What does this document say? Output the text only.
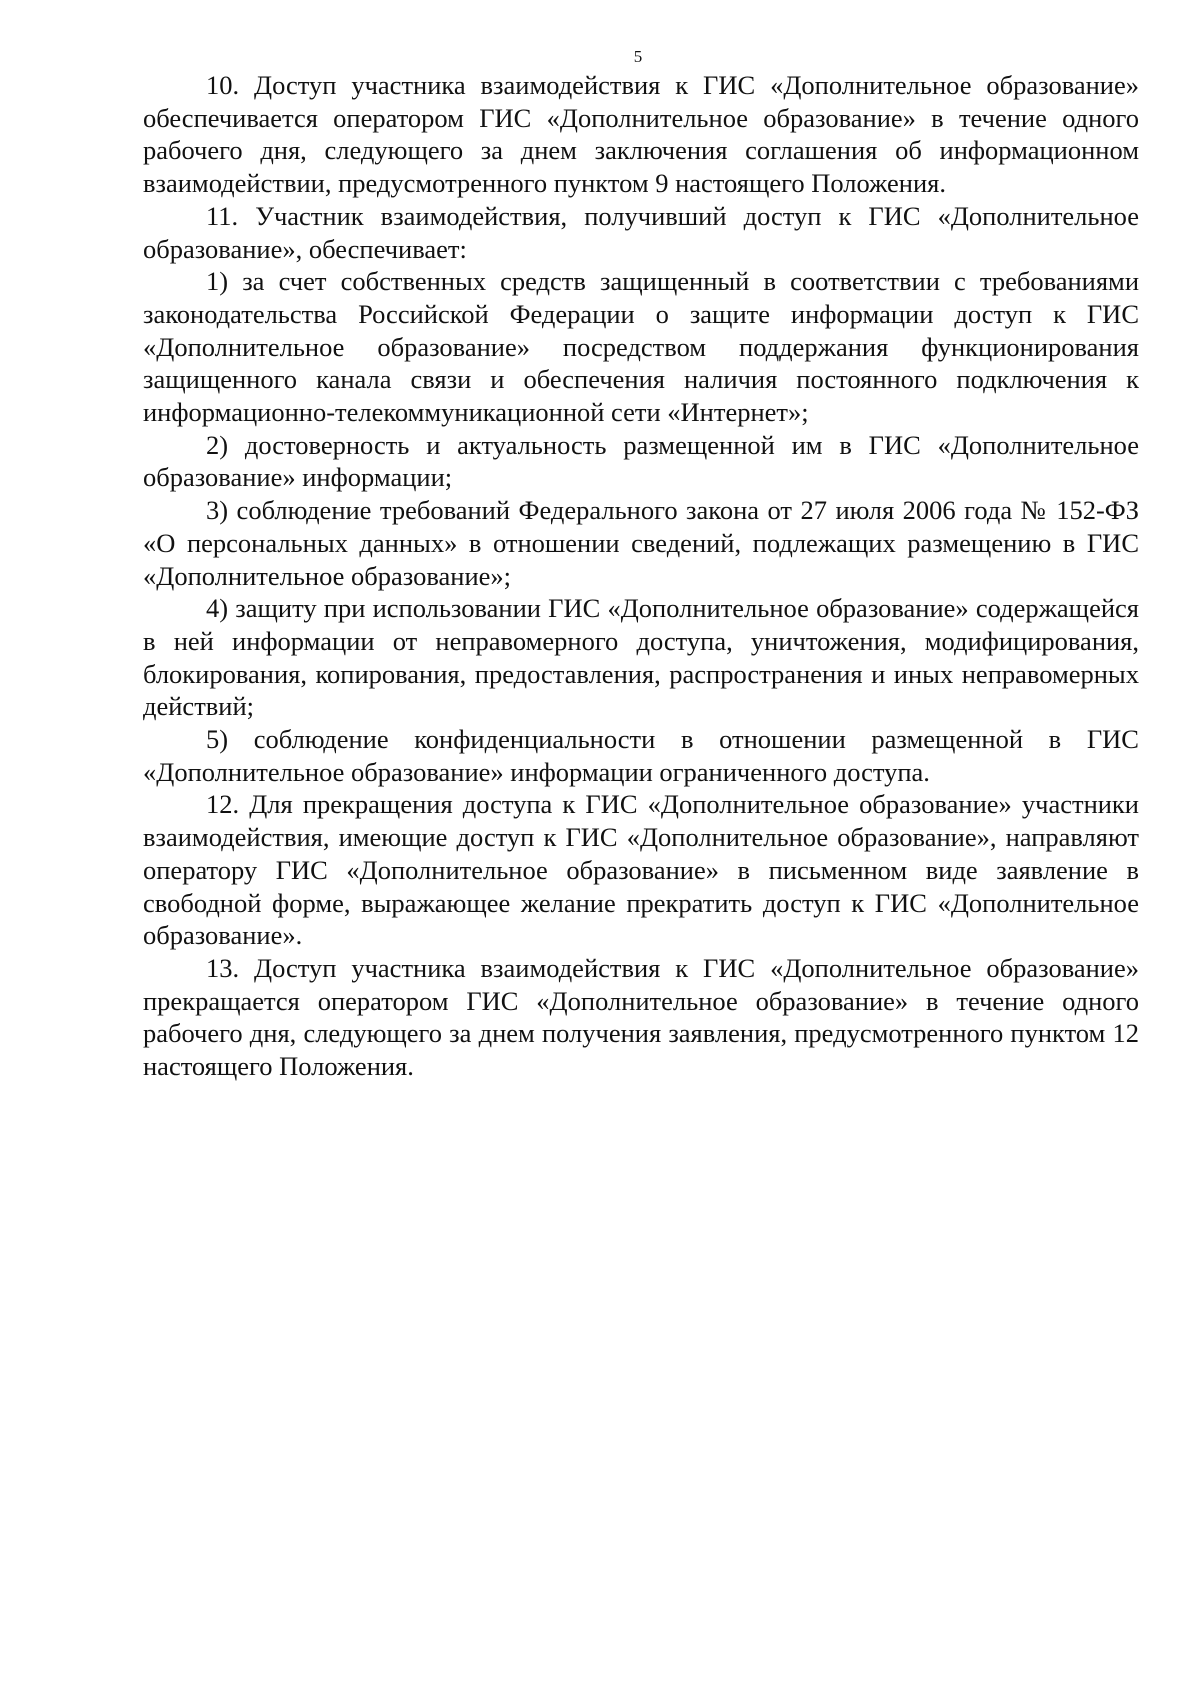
5

10. Доступ участника взаимодействия к ГИС «Дополнительное образование» обеспечивается оператором ГИС «Дополнительное образование» в течение одного рабочего дня, следующего за днем заключения соглашения об информационном взаимодействии, предусмотренного пунктом 9 настоящего Положения.

11. Участник взаимодействия, получивший доступ к ГИС «Дополнительное образование», обеспечивает:

1) за счет собственных средств защищенный в соответствии с требованиями законодательства Российской Федерации о защите информации доступ к ГИС «Дополнительное образование» посредством поддержания функционирования защищенного канала связи и обеспечения наличия постоянного подключения к информационно-телекоммуникационной сети «Интернет»;

2) достоверность и актуальность размещенной им в ГИС «Дополнительное образование» информации;

3) соблюдение требований Федерального закона от 27 июля 2006 года № 152-ФЗ «О персональных данных» в отношении сведений, подлежащих размещению в ГИС «Дополнительное образование»;

4) защиту при использовании ГИС «Дополнительное образование» содержащейся в ней информации от неправомерного доступа, уничтожения, модифицирования, блокирования, копирования, предоставления, распространения и иных неправомерных действий;

5) соблюдение конфиденциальности в отношении размещенной в ГИС «Дополнительное образование» информации ограниченного доступа.

12. Для прекращения доступа к ГИС «Дополнительное образование» участники взаимодействия, имеющие доступ к ГИС «Дополнительное образование», направляют оператору ГИС «Дополнительное образование» в письменном виде заявление в свободной форме, выражающее желание прекратить доступ к ГИС «Дополнительное образование».

13. Доступ участника взаимодействия к ГИС «Дополнительное образование» прекращается оператором ГИС «Дополнительное образование» в течение одного рабочего дня, следующего за днем получения заявления, предусмотренного пунктом 12 настоящего Положения.
